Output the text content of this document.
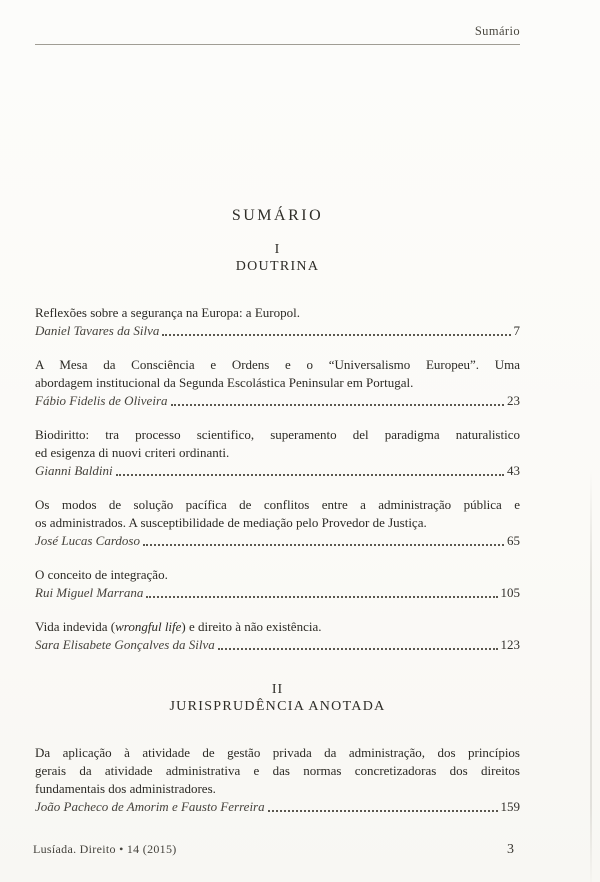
Sumário
SUMÁRIO
I
DOUTRINA
Reflexões sobre a segurança na Europa: a Europol.
Daniel Tavares da Silva	7
A Mesa da Consciência e Ordens e o “Universalismo Europeu”. Uma
abordagem institucional da Segunda Escolástica Peninsular em Portugal.
Fábio Fidelis de Oliveira	23
Biodiritto: tra processo scientifico, superamento del paradigma naturalistico
ed esigenza di nuovi criteri ordinanti.
Gianni Baldini	43
Os modos de solução pacífica de conflitos entre a administração pública e
os administrados. A susceptibilidade de mediação pelo Provedor de Justiça.
José Lucas Cardoso	65
O conceito de integração.
Rui Miguel Marrana	105
Vida indevida (wrongful life) e direito à não existência.
Sara Elisabete Gonçalves da Silva	123
II
JURISPRUDÊNCIA ANOTADA
Da aplicação à atividade de gestão privada da administração, dos princípios
gerais da atividade administrativa e das normas concretizadoras dos direitos
fundamentais dos administradores.
João Pacheco de Amorim e Fausto Ferreira	159
Lusíada. Direito • 14 (2015)	3
